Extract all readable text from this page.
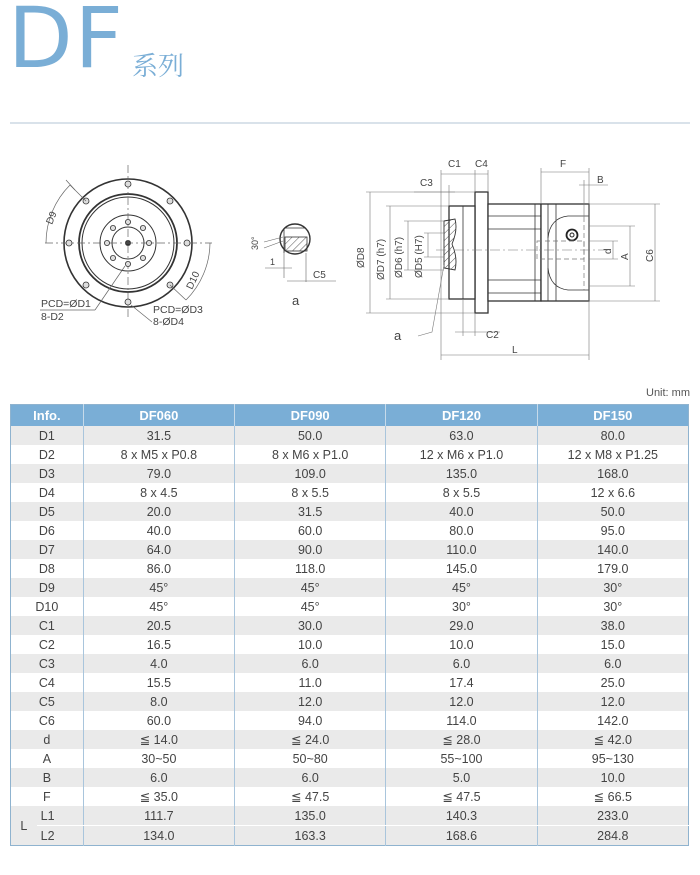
DF 系列
D9
D10
PCD=ØD1
8-D2
PCD=ØD3
8-ØD4
30°
1
C5
a
C1 C4
C3
F
B
ØD8 ØD7 (h7) ØD6 (h7) ØD5 (H7)	d
A C6
a	C2
L
Unit: mm
Info.		DF060	DF090	DF120	DF150
D1		31.5	50.0	63.0	80.0
D2		8 x M5 x P0.8	8 x M6 x P1.0	12 x M6 x P1.0	12 x M8 x P1.25
D3		79.0	109.0	135.0	168.0
D4		8 x 4.5	8 x 5.5	8 x 5.5	12 x 6.6
D5		20.0	31.5	40.0	50.0
D6		40.0	60.0	80.0	95.0
D7		64.0	90.0	110.0	140.0
D8		86.0	118.0	145.0	179.0
D9		45°	45°	45°	30°
D10		45°	45°	30°	30°
C1		20.5	30.0	29.0	38.0
C2		16.5	10.0	10.0	15.0
C3		4.0	6.0	6.0	6.0
C4		15.5	11.0	17.4	25.0
C5		8.0	12.0	12.0	12.0
C6		60.0	94.0	114.0	142.0
d		≦ 14.0	≦ 24.0	≦ 28.0	≦ 42.0
A		30~50	50~80	55~100	95~130
B		6.0	6.0	5.0	10.0
F		≦ 35.0	≦ 47.5	≦ 47.5	≦ 66.5
L	L1	111.7	135.0	140.3	233.0
	L2	134.0	163.3	168.6	284.8
